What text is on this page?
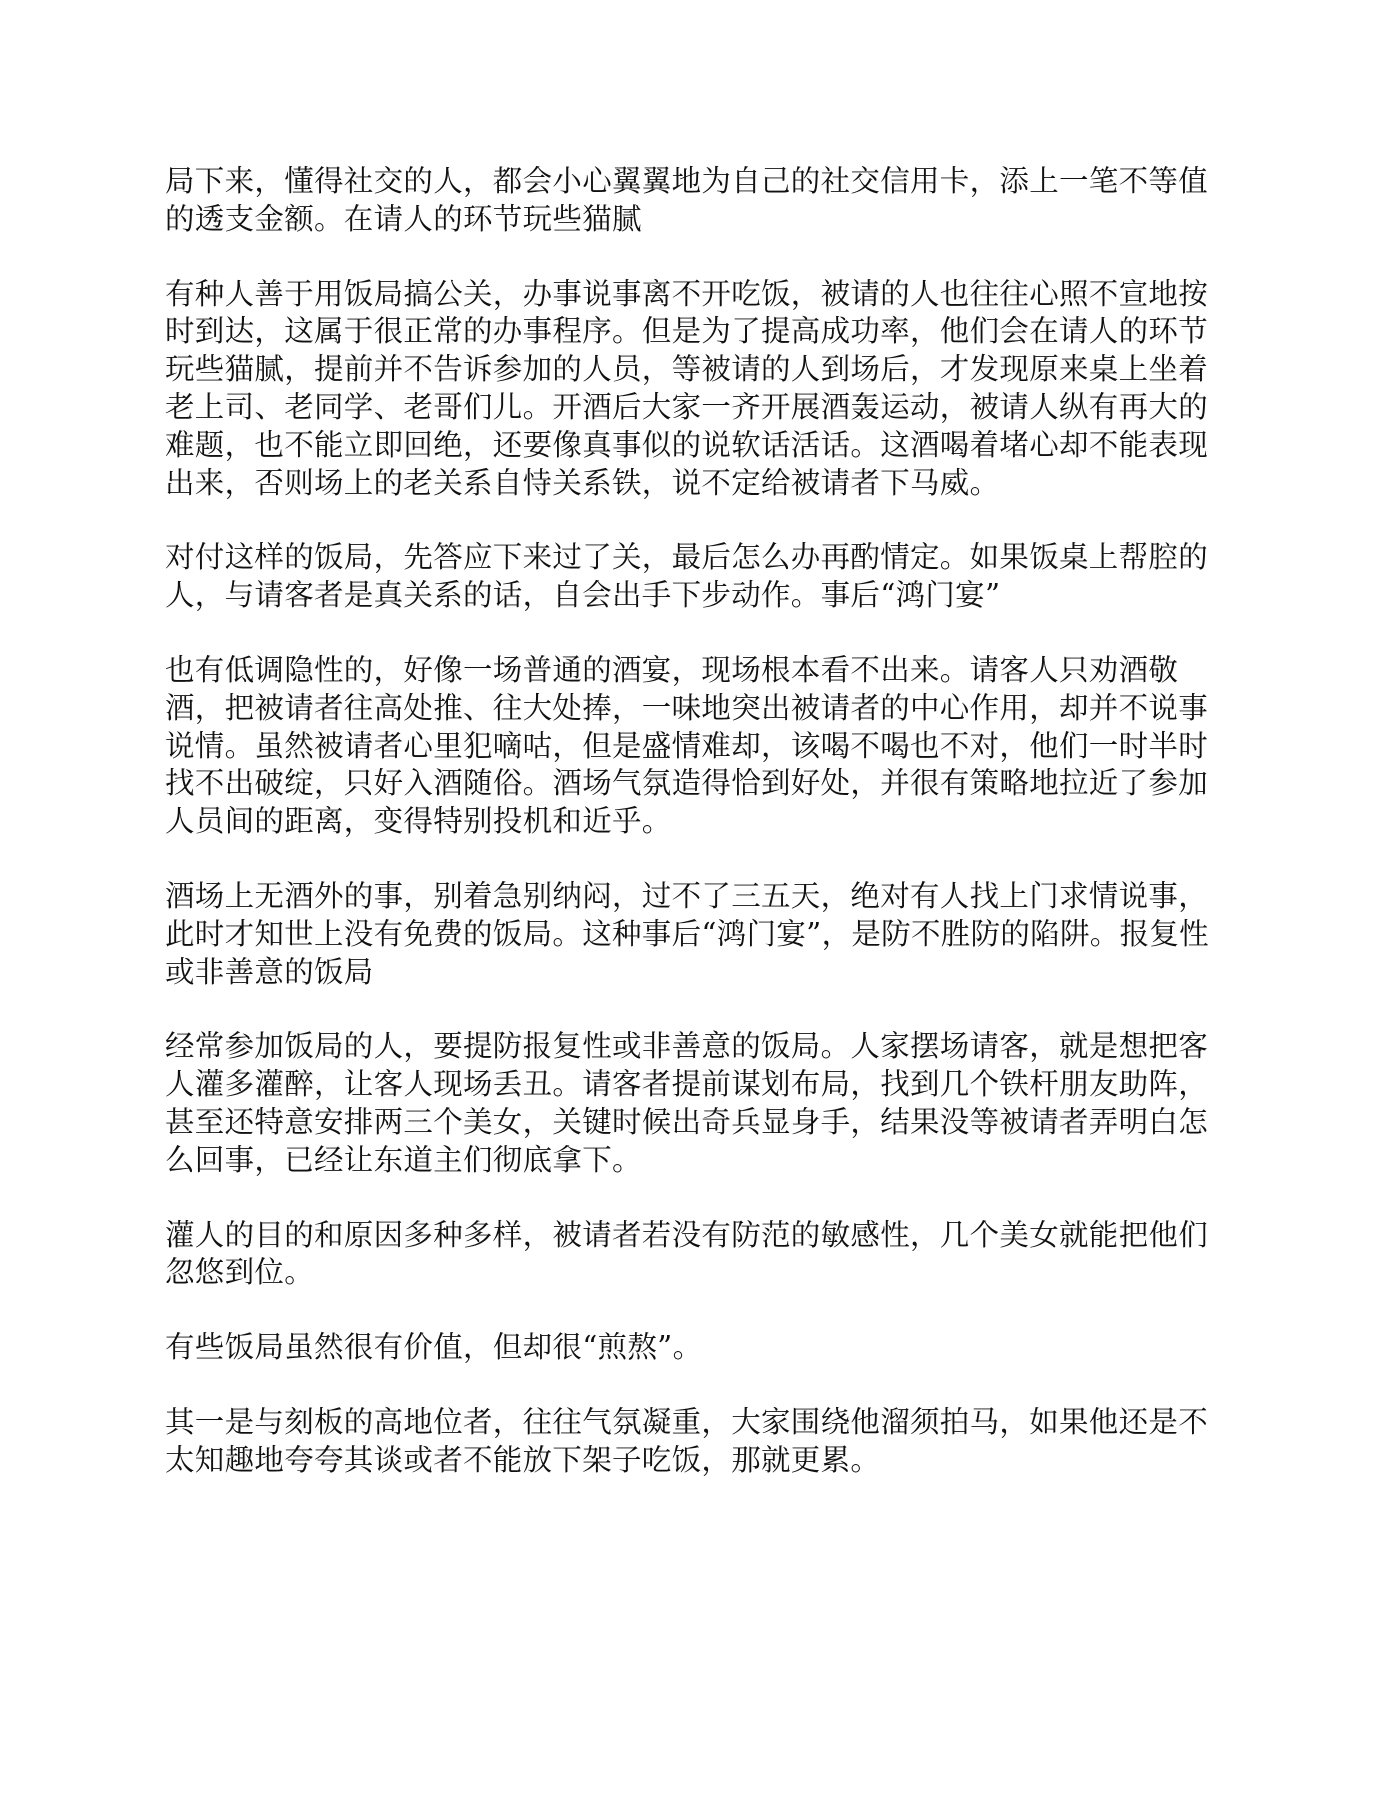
局下来，懂得社交的人，都会小心翼翼地为自己的社交信用卡，添上一笔不等值的透支金额。在请人的环节玩些猫腻

有种人善于用饭局搞公关，办事说事离不开吃饭，被请的人也往往心照不宣地按时到达，这属于很正常的办事程序。但是为了提高成功率，他们会在请人的环节玩些猫腻，提前并不告诉参加的人员，等被请的人到场后，才发现原来桌上坐着老上司、老同学、老哥们儿。开酒后大家一齐开展酒轰运动，被请人纵有再大的难题，也不能立即回绝，还要像真事似的说软话活话。这酒喝着堵心却不能表现出来，否则场上的老关系自恃关系铁，说不定给被请者下马威。

对付这样的饭局，先答应下来过了关，最后怎么办再酌情定。如果饭桌上帮腔的人，与请客者是真关系的话，自会出手下步动作。事后“鸿门宴”

也有低调隐性的，好像一场普通的酒宴，现场根本看不出来。请客人只劝酒敬酒，把被请者往高处推、往大处捧，一味地突出被请者的中心作用，却并不说事说情。虽然被请者心里犯嘀咕，但是盛情难却，该喝不喝也不对，他们一时半时找不出破绽，只好入酒随俗。酒场气氛造得恰到好处，并很有策略地拉近了参加人员间的距离，变得特别投机和近乎。

酒场上无酒外的事，别着急别纳闷，过不了三五天，绝对有人找上门求情说事，此时才知世上没有免费的饭局。这种事后“鸿门宴”，是防不胜防的陷阱。报复性或非善意的饭局

经常参加饭局的人，要提防报复性或非善意的饭局。人家摆场请客，就是想把客人灌多灌醉，让客人现场丢丑。请客者提前谋划布局，找到几个铁杆朋友助阵，甚至还特意安排两三个美女，关键时候出奇兵显身手，结果没等被请者弄明白怎么回事，已经让东道主们彻底拿下。

灌人的目的和原因多种多样，被请者若没有防范的敏感性，几个美女就能把他们忽悠到位。

有些饭局虽然很有价值，但却很“煎熬”。

其一是与刻板的高地位者，往往气氛凝重，大家围绕他溜须拍马，如果他还是不太知趣地夸夸其谈或者不能放下架子吃饭，那就更累。
